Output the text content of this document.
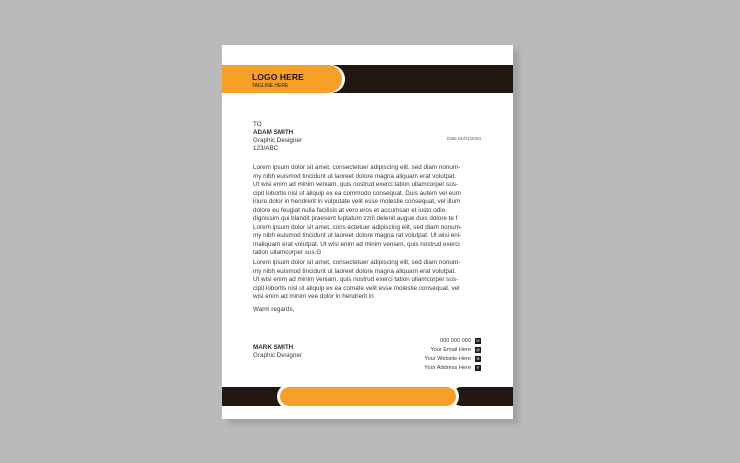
LOGO HERE
TAGLINE HERE
TO
ADAM SMITH
Graphic Designer
123/ABC
Date 01/01/2024
Lorem ipsum dolor sit amet, consectetuer adipiscing elit, sed diam nonum-
my nibh euismod tincidunt ut laoreet dolore magna aliquam erat volutpat.
Ut wisi enim ad minim veniam, quis nostrud exerci tation ullamcorper sus-
cipit lobortis nisl ut aliquip ex ea commodo consequat. Duis autem vel eum
iriure dolor in hendrerit in vulputate velit esse molestie consequat, vel illum
dolore eu feugiat nulla facilisis at vero eros et accumsan et iusto odio
dignissim qui blandit praesent luptatum zzril delenit augue duis dolore te f
Lorem ipsum dolor sit amet, cons ectetuer adipiscing elit, sed diam nonum-
my nibh euismod tincidunt ut laoreet dolore magna rat volutpat. Ut wisi eni-
maliquam erat volutpat. Ut wisi enim ad minim veniam, quis nostrud exerci
tation ullamcorper sus.G
Lorem ipsum dolor sit amet, consectetuer adipiscing elit, sed diam nonum-
my nibh euismod tincidunt ut laoreet dolore magna aliquam erat volutpat.
Ut wisi enim ad minim veniam, quis nostrud exerci tation ullamcorper sus-
cipit lobortis nisl ut aliquip ex ea comate velit esse molestie consequat, vel
wisi enim ad minim vee dolor in hendrerit in
Warm regards,
MARK SMITH
Graphic Designer
000 000 000 ☏
Your Email Here @
Your Website Here	⊕
Your Address Here	⚲
